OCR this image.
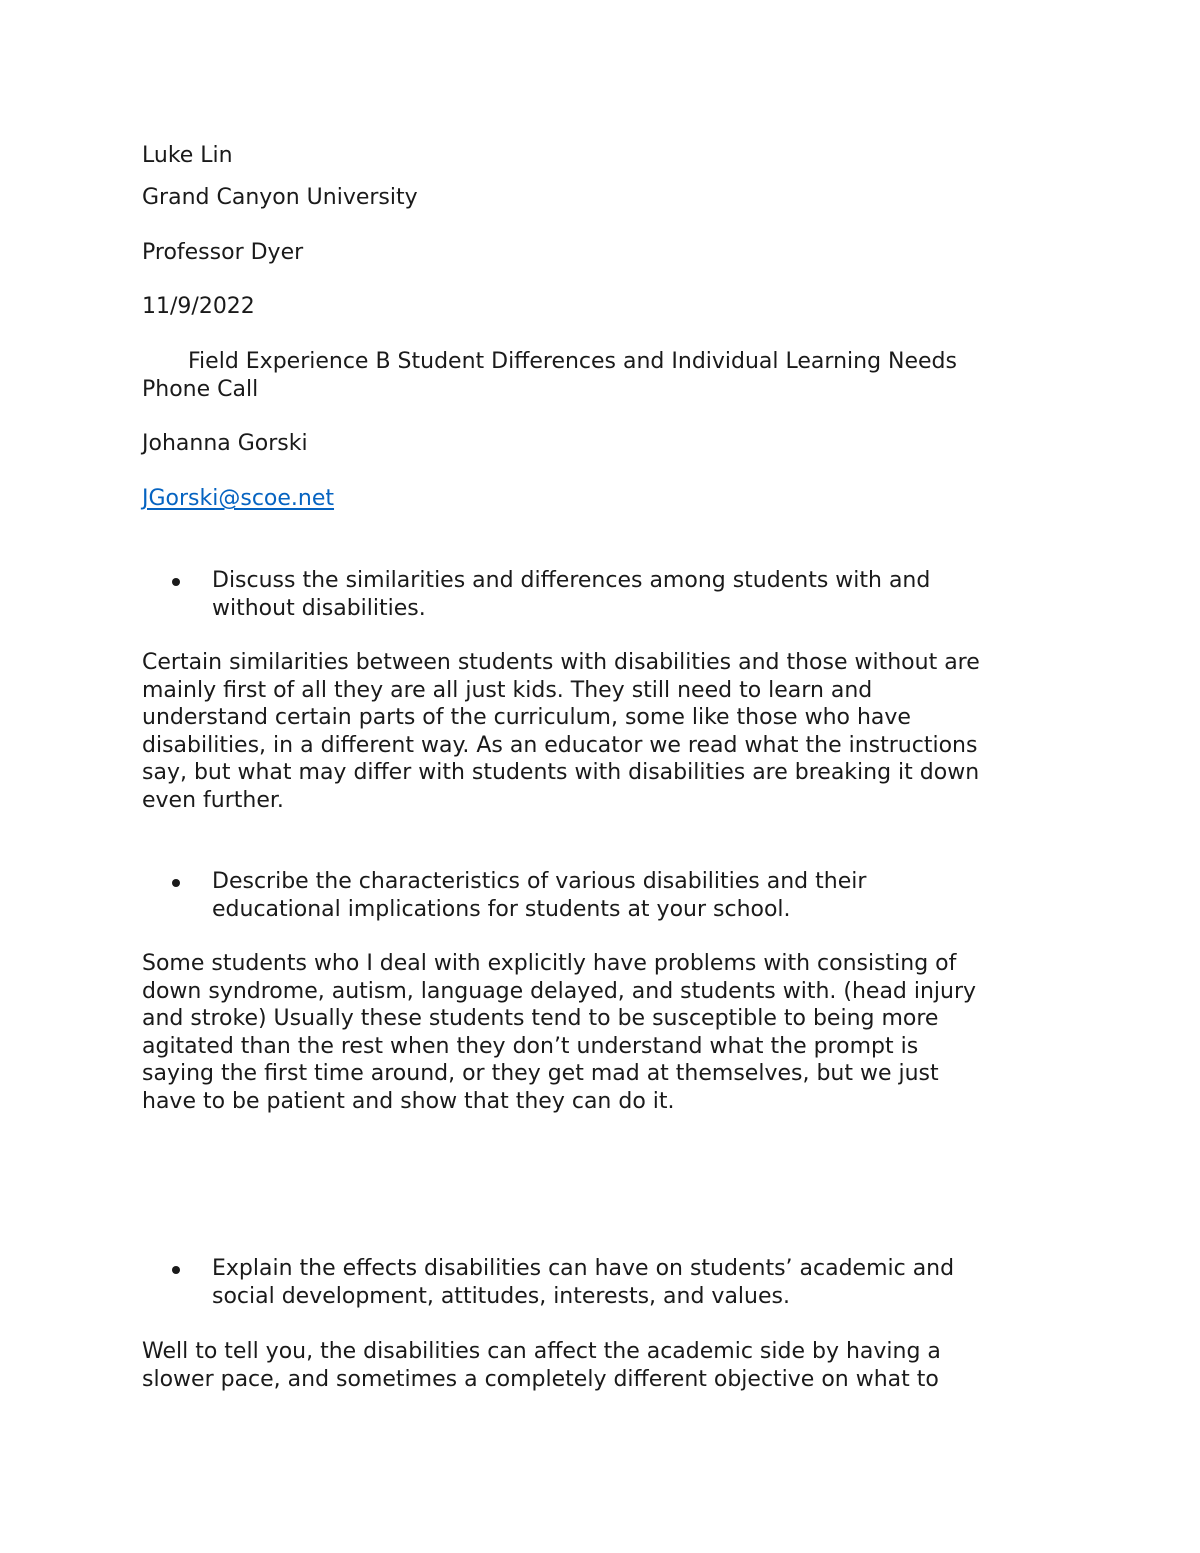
Luke Lin

Grand Canyon University

Professor Dyer

11/9/2022

Field Experience B Student Differences and Individual Learning Needs
Phone Call

Johanna Gorski

JGorski@scoe.net

Discuss the similarities and differences among students with and
without disabilities.
Certain similarities between students with disabilities and those without are
mainly first of all they are all just kids. They still need to learn and
understand certain parts of the curriculum, some like those who have
disabilities, in a different way. As an educator we read what the instructions
say, but what may differ with students with disabilities are breaking it down
even further.
Describe the characteristics of various disabilities and their
educational implications for students at your school.
Some students who I deal with explicitly have problems with consisting of
down syndrome, autism, language delayed, and students with. (head injury
and stroke) Usually these students tend to be susceptible to being more
agitated than the rest when they don’t understand what the prompt is
saying the first time around, or they get mad at themselves, but we just
have to be patient and show that they can do it.
Explain the effects disabilities can have on students’ academic and
social development, attitudes, interests, and values.
Well to tell you, the disabilities can affect the academic side by having a
slower pace, and sometimes a completely different objective on what to
